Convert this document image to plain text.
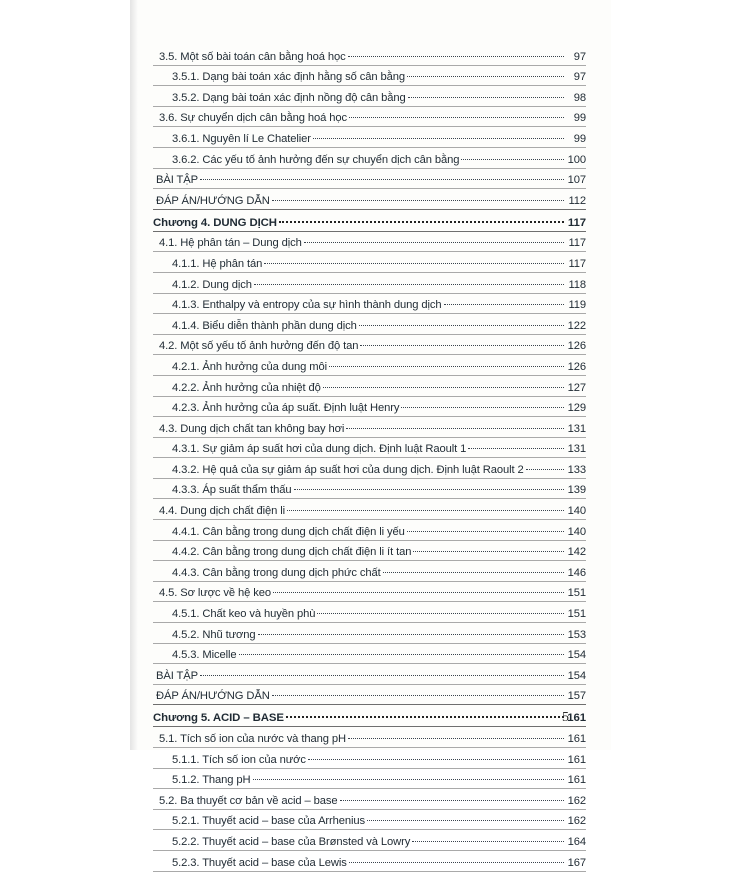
3.5. Một số bài toán cân bằng hoá học	97
3.5.1. Dạng bài toán xác định hằng số cân bằng	97
3.5.2. Dạng bài toán xác định nồng độ cân bằng	98
3.6. Sự chuyển dịch cân bằng hoá học	99
3.6.1. Nguyên lí Le Chatelier	99
3.6.2. Các yếu tố ảnh hưởng đến sự chuyển dịch cân bằng	100
BÀI TẬP	107
ĐÁP ÁN/HƯỚNG DẪN	112
Chương 4. DUNG DỊCH	117
4.1. Hệ phân tán – Dung dịch	117
4.1.1. Hệ phân tán	117
4.1.2. Dung dịch	118
4.1.3. Enthalpy và entropy của sự hình thành dung dịch	119
4.1.4. Biểu diễn thành phần dung dịch	122
4.2. Một số yếu tố ảnh hưởng đến độ tan	126
4.2.1. Ảnh hưởng của dung môi	126
4.2.2. Ảnh hưởng của nhiệt độ	127
4.2.3. Ảnh hưởng của áp suất. Định luật Henry	129
4.3. Dung dịch chất tan không bay hơi	131
4.3.1. Sự giảm áp suất hơi của dung dịch. Định luật Raoult 1	131
4.3.2. Hệ quả của sự giảm áp suất hơi của dung dịch. Định luật Raoult 2	133
4.3.3. Áp suất thẩm thấu	139
4.4. Dung dịch chất điện li	140
4.4.1. Cân bằng trong dung dịch chất điện li yếu	140
4.4.2. Cân bằng trong dung dịch chất điện li ít tan	142
4.4.3. Cân bằng trong dung dịch phức chất	146
4.5. Sơ lược về hệ keo	151
4.5.1. Chất keo và huyền phù	151
4.5.2. Nhũ tương	153
4.5.3. Micelle	154
BÀI TẬP	154
ĐÁP ÁN/HƯỚNG DẪN	157
Chương 5. ACID – BASE	161
5.1. Tích số ion của nước và thang pH	161
5.1.1. Tích số ion của nước	161
5.1.2. Thang pH	161
5.2. Ba thuyết cơ bản về acid – base	162
5.2.1. Thuyết acid – base của Arrhenius	162
5.2.2. Thuyết acid – base của Brønsted và Lowry	164
5.2.3. Thuyết acid – base của Lewis	167
5
